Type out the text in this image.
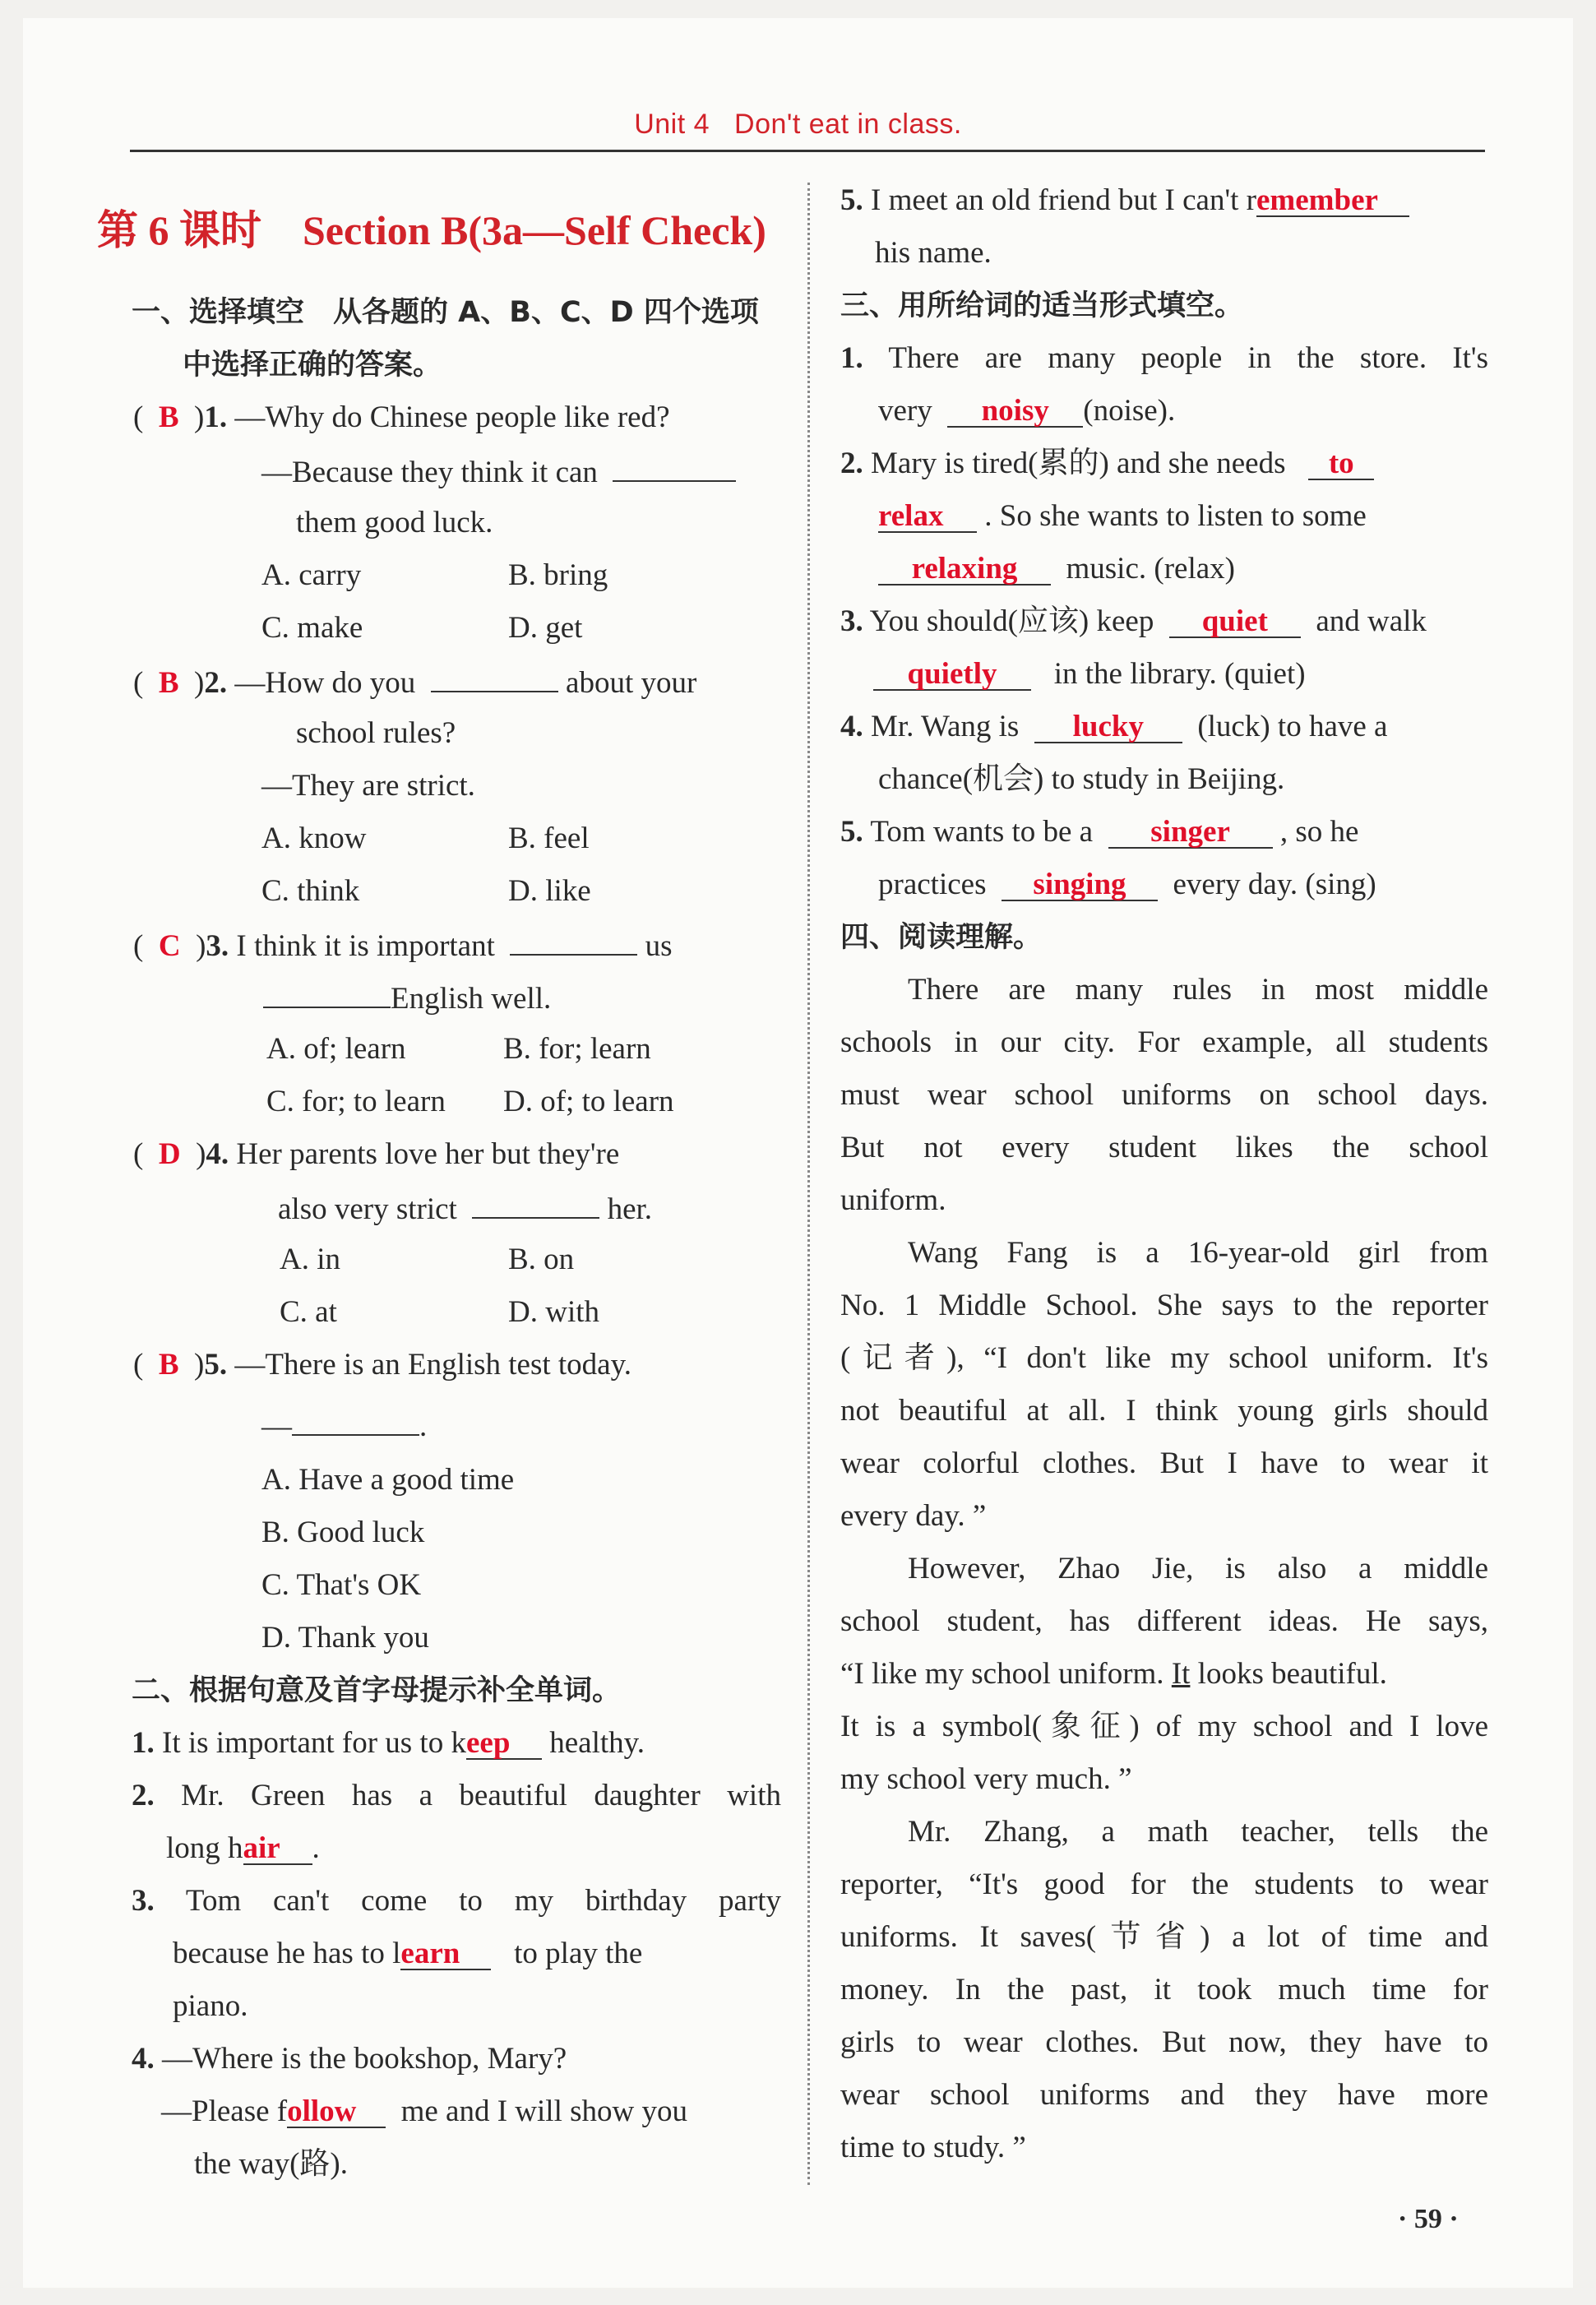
Unit 4 Don't eat in class.
第 6 课时　Section B(3a—Self Check)
一、选择填空　从各题的 A、B、C、D 四个选项
中选择正确的答案。
(  B  )1. —Why do Chinese people like red?
—Because they think it can
them good luck.
A. carry	B. bring
C. make	D. get
(  B  )2. —How do you	about your
school rules?
—They are strict.
A. know	B. feel
C. think	D. like
(  C  )3. I think it is important	us
English well.
A. of; learn	B. for; learn
C. for; to learn D. of; to learn
(  D  )4. Her parents love her but they're
also very strict	her.
A. in	B. on
C. at	D. with
(  B  )5. —There is an English test today.
—	.
A. Have a good time
B. Good luck
C. That's OK
D. Thank you
二、根据句意及首字母提示补全单词。
1. It is important for us to keep healthy.
2. Mr. Green has a beautiful daughter with
long hair .
3. Tom can't come to my birthday party
because he has to learn to play the
piano.
4. —Where is the bookshop, Mary?
—Please follow me and I will show you
the way(路).
5. I meet an old friend but I can't remember
his name.
三、用所给词的适当形式填空。
1. There are many people in the store. It's
very noisy (noise).
2. Mary is tired(累的) and she needs to
relax . So she wants to listen to some
relaxing music. (relax)
3. You should(应该) keep quiet and walk
quietly in the library. (quiet)
4. Mr. Wang is lucky (luck) to have a
chance(机会) to study in Beijing.
5. Tom wants to be a singer , so he
practices singing every day. (sing)
四、阅读理解。
There are many rules in most middle
schools in our city. For example, all students
must wear school uniforms on school days.
But not every student likes the school
uniform.
Wang Fang is a 16-year-old girl from
No. 1 Middle School. She says to the reporter
(记者), “I don't like my school uniform. It's
not beautiful at all. I think young girls should
wear colorful clothes. But I have to wear it
every day. ”
However, Zhao Jie, is also a middle
school student, has different ideas. He says,
“I like my school uniform. It looks beautiful.
It is a symbol(象征) of my school and I love
my school very much. ”
Mr. Zhang, a math teacher, tells the
reporter, “It's good for the students to wear
uniforms. It saves(节省) a lot of time and
money. In the past, it took much time for
girls to wear clothes. But now, they have to
wear school uniforms and they have more
time to study. ”
· 59 ·
